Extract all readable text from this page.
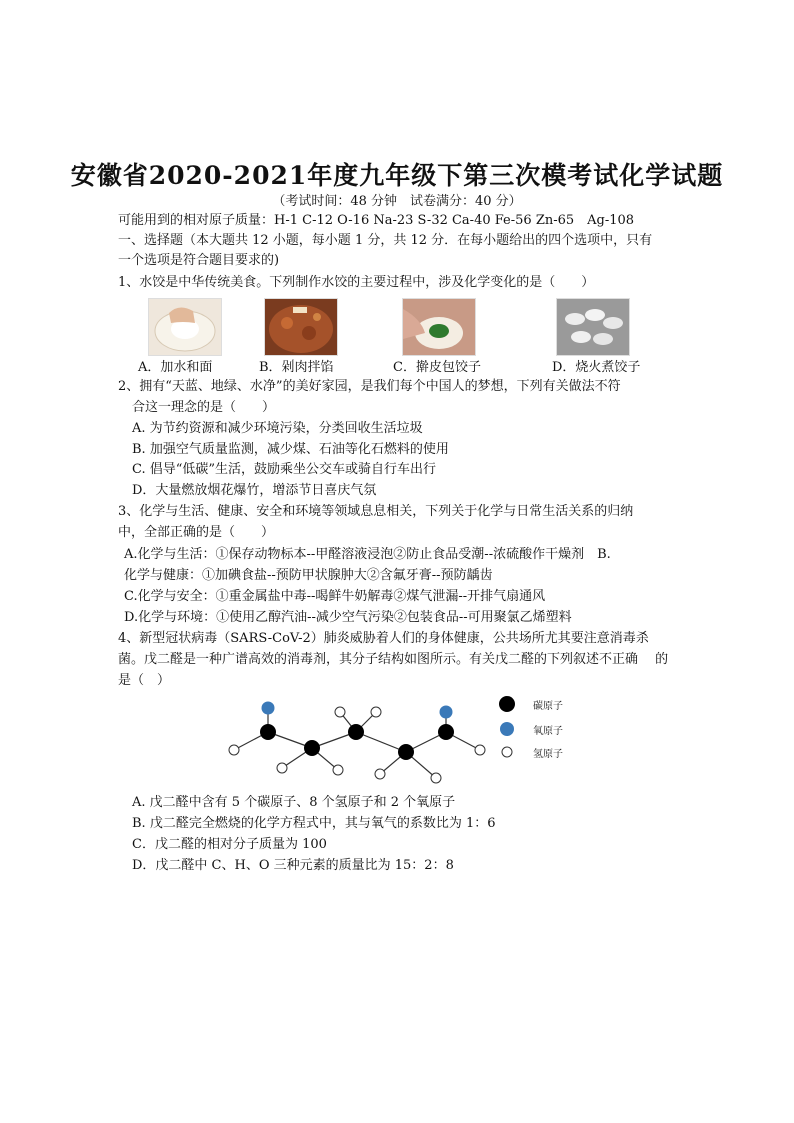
安徽省2020-2021年度九年级下第三次模考试化学试题
（考试时间：48 分钟　试卷满分：40 分）
可能用到的相对原子质量：H-1 C-12 O-16 Na-23 S-32 Ca-40 Fe-56 Zn-65　Ag-108
一、选择题（本大题共 12 小题，每小题 1 分，共 12 分．在每小题给出的四个选项中，只有
一个选项是符合题目要求的)
1、水饺是中华传统美食。下列制作水饺的主要过程中，涉及化学变化的是（　　）
A．加水和面	B．剁肉拌馅	C．擀皮包饺子	D．烧火煮饺子
2、拥有“天蓝、地绿、水净”的美好家园，是我们每个中国人的梦想，下列有关做法不符
合这一理念的是（　　）
A. 为节约资源和减少环境污染，分类回收生活垃圾
B. 加强空气质量监测，减少煤、石油等化石燃料的使用
C. 倡导“低碳”生活，鼓励乘坐公交车或骑自行车出行
D．大量燃放烟花爆竹，增添节日喜庆气氛
3、化学与生活、健康、安全和环境等领域息息相关，下列关于化学与日常生活关系的归纳
中，全部正确的是（　　）
A.化学与生活：①保存动物标本--甲醛溶液浸泡②防止食品受潮--浓硫酸作干燥剂　B.
化学与健康：①加碘食盐--预防甲状腺肿大②含氟牙膏--预防龋齿
C.化学与安全：①重金属盐中毒--喝鲜牛奶解毒②煤气泄漏--开排气扇通风
D.化学与环境：①使用乙醇汽油--减少空气污染②包装食品--可用聚氯乙烯塑料
4、新型冠状病毒（SARS-CoV-2）肺炎威胁着人们的身体健康，公共场所尤其要注意消毒杀
菌。戊二醛是一种广谱高效的消毒剂，其分子结构如图所示。有关戊二醛的下列叙述不正确　 的
是（　）
碳原子
氧原子
氢原子
A. 戊二醛中含有 5 个碳原子、8 个氢原子和 2 个氧原子
B. 戊二醛完全燃烧的化学方程式中，其与氧气的系数比为 1：6
C．戊二醛的相对分子质量为 100
D．戊二醛中 C、H、O 三种元素的质量比为 15：2：8
